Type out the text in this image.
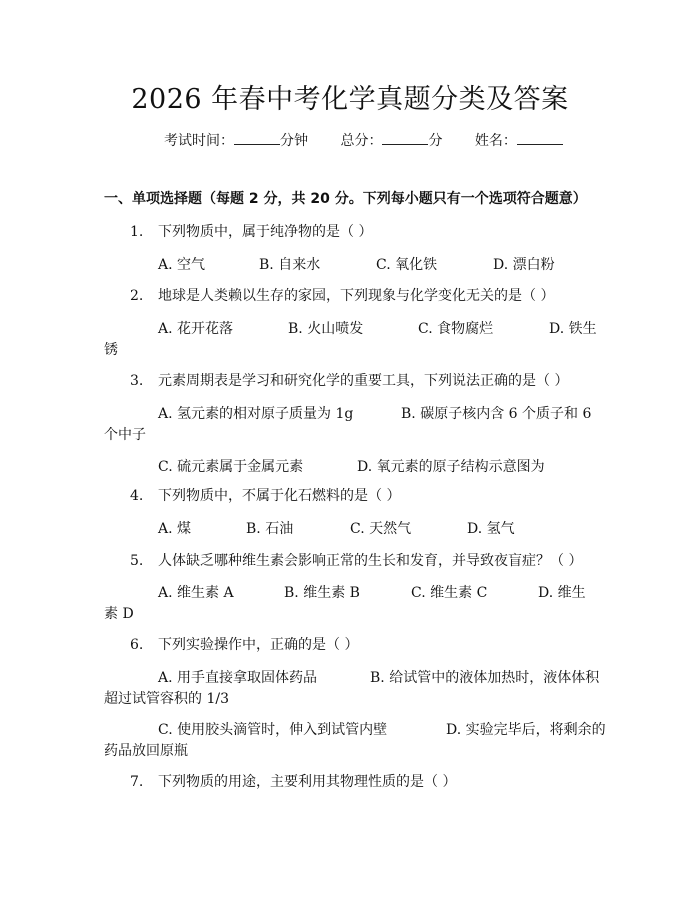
2026 年春中考化学真题分类及答案
考试时间：	分钟 总分：	分 姓名：
一、单项选择题（每题 2 分，共 20 分。下列每小题只有一个选项符合题意）
1. 下列物质中，属于纯净物的是（ ）
A. 空气	B. 自来水	C. 氧化铁	D. 漂白粉
2. 地球是人类赖以生存的家园，下列现象与化学变化无关的是（ ）
A. 花开花落	B. 火山喷发	C. 食物腐烂	D. 铁生
锈
3. 元素周期表是学习和研究化学的重要工具，下列说法正确的是（ ）
A. 氢元素的相对原子质量为 1g	B. 碳原子核内含 6 个质子和 6
个中子
C. 硫元素属于金属元素	D. 氧元素的原子结构示意图为
4. 下列物质中，不属于化石燃料的是（ ）
A. 煤	B. 石油	C. 天然气	D. 氢气
5. 人体缺乏哪种维生素会影响正常的生长和发育，并导致夜盲症？（ ）
A. 维生素 A	B. 维生素 B	C. 维生素 C	D. 维生
素 D
6. 下列实验操作中，正确的是（ ）
A. 用手直接拿取固体药品	B. 给试管中的液体加热时，液体体积
超过试管容积的 1/3
C. 使用胶头滴管时，伸入到试管内壁	D. 实验完毕后，将剩余的
药品放回原瓶
7. 下列物质的用途，主要利用其物理性质的是（ ）
